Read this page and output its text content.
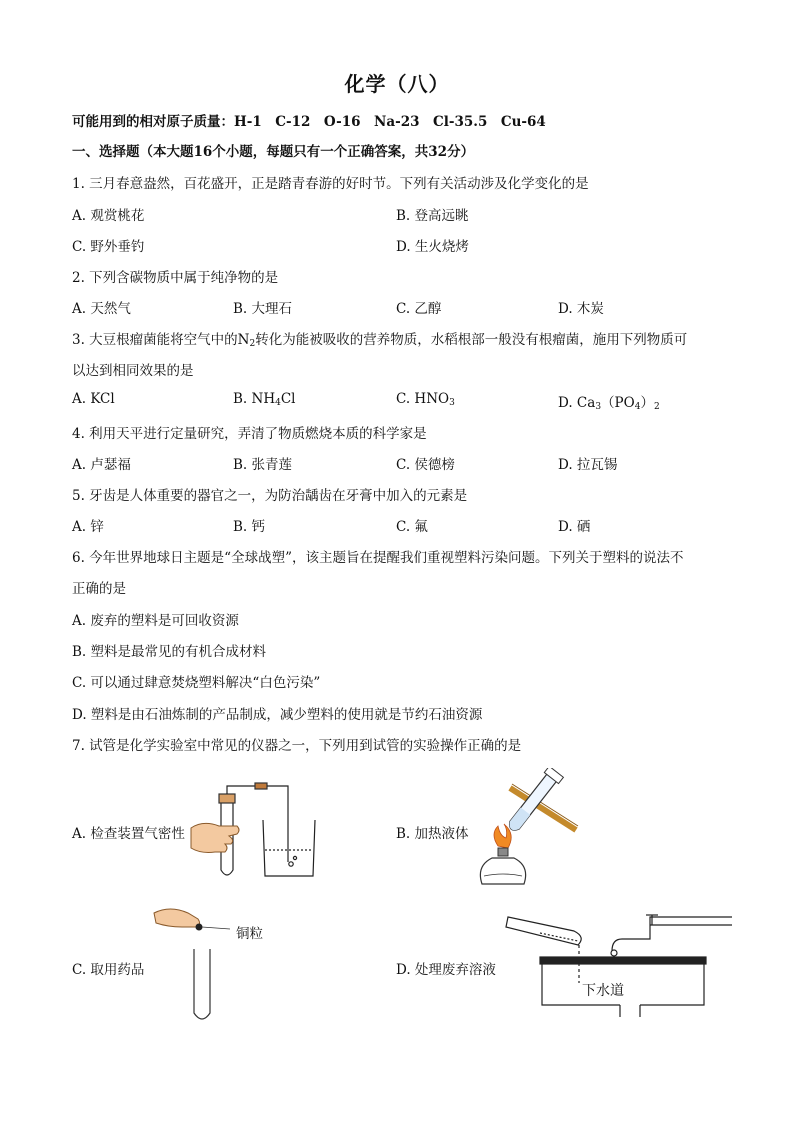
化学（八）
可能用到的相对原子质量：H-1　C-12　O-16　Na-23　Cl-35.5　Cu-64
一、选择题（本大题16个小题，每题只有一个正确答案，共32分）
1. 三月春意盎然，百花盛开，正是踏青春游的好时节。下列有关活动涉及化学变化的是
A. 观赏桃花	B. 登高远眺
C. 野外垂钓	D. 生火烧烤
2. 下列含碳物质中属于纯净物的是
A. 天然气	B. 大理石	C. 乙醇	D. 木炭
3. 大豆根瘤菌能将空气中的$N_2$转化为能被吸收的营养物质，水稻根部一般没有根瘤菌，施用下列物质可
以达到相同效果的是
A. KCl	B. $NH_4Cl$	C. $HNO_3$	D. $Ca_3(PO_4)_2$
4. 利用天平进行定量研究，弄清了物质燃烧本质的科学家是
A. 卢瑟福	B. 张青莲	C. 侯德榜	D. 拉瓦锡
5. 牙齿是人体重要的器官之一，为防治龋齿在牙膏中加入的元素是
A. 锌	B. 钙	C. 氟	D. 硒
6. 今年世界地球日主题是“全球战塑”，该主题旨在提醒我们重视塑料污染问题。下列关于塑料的说法不
正确的是
A. 废弃的塑料是可回收资源
B. 塑料是最常见的有机合成材料
C. 可以通过肆意焚烧塑料解决“白色污染”
D. 塑料是由石油炼制的产品制成，减少塑料的使用就是节约石油资源
7. 试管是化学实验室中常见的仪器之一，下列用到试管的实验操作正确的是
A. 检查装置气密性	B. 加热液体
C. 取用药品	D. 处理废弃溶液
铜粒
下水道
